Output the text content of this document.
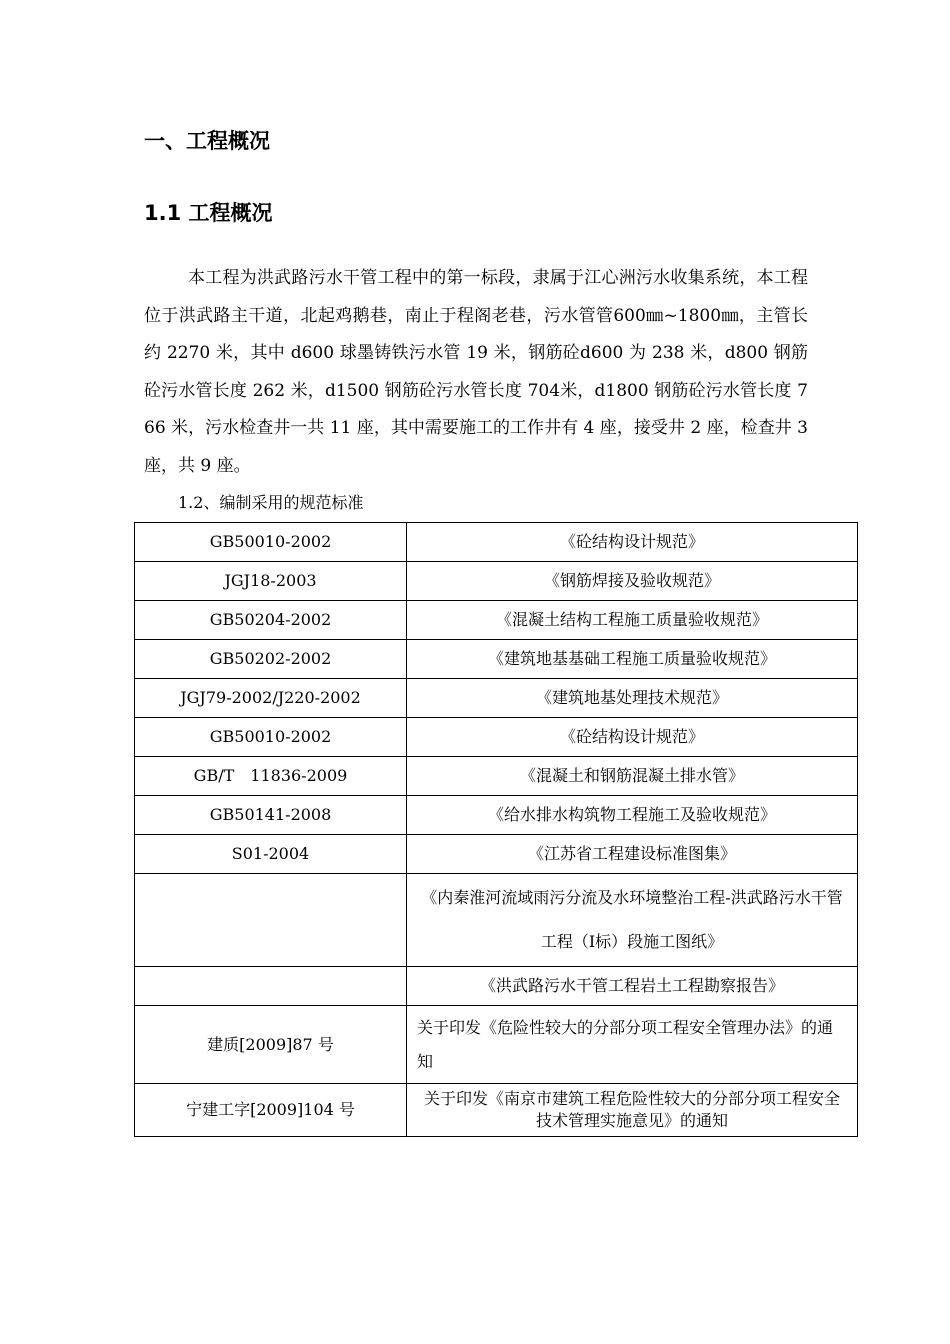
一、工程概况
1.1 工程概况

本工程为洪武路污水干管工程中的第一标段，隶属于江心洲污水收集系统，本工程位于洪武路主干道，北起鸡鹅巷，南止于程阁老巷，污水管管600㎜~1800㎜，主管长约 2270 米，其中 d600 球墨铸铁污水管 19 米，钢筋砼d600 为 238 米，d800 钢筋砼污水管长度 262 米，d1500 钢筋砼污水管长度 704米，d1800 钢筋砼污水管长度 766 米，污水检查井一共 11 座，其中需要施工的工作井有 4 座，接受井 2 座，检查井 3 座，共 9 座。

1.2、编制采用的规范标准

GB50010-2002	《砼结构设计规范》
JGJ18-2003	《钢筋焊接及验收规范》
GB50204-2002	《混凝土结构工程施工质量验收规范》
GB50202-2002	《建筑地基基础工程施工质量验收规范》
JGJ79-2002/J220-2002	《建筑地基处理技术规范》
GB50010-2002	《砼结构设计规范》
GB/T　11836-2009	《混凝土和钢筋混凝土排水管》
GB50141-2008	《给水排水构筑物工程施工及验收规范》
S01-2004	《江苏省工程建设标准图集》
	《内秦淮河流域雨污分流及水环境整治工程-洪武路污水干管工程（I标）段施工图纸》
	《洪武路污水干管工程岩土工程勘察报告》
建质[2009]87 号	关于印发《危险性较大的分部分项工程安全管理办法》的通知
宁建工字[2009]104 号	关于印发《南京市建筑工程危险性较大的分部分项工程安全技术管理实施意见》的通知
